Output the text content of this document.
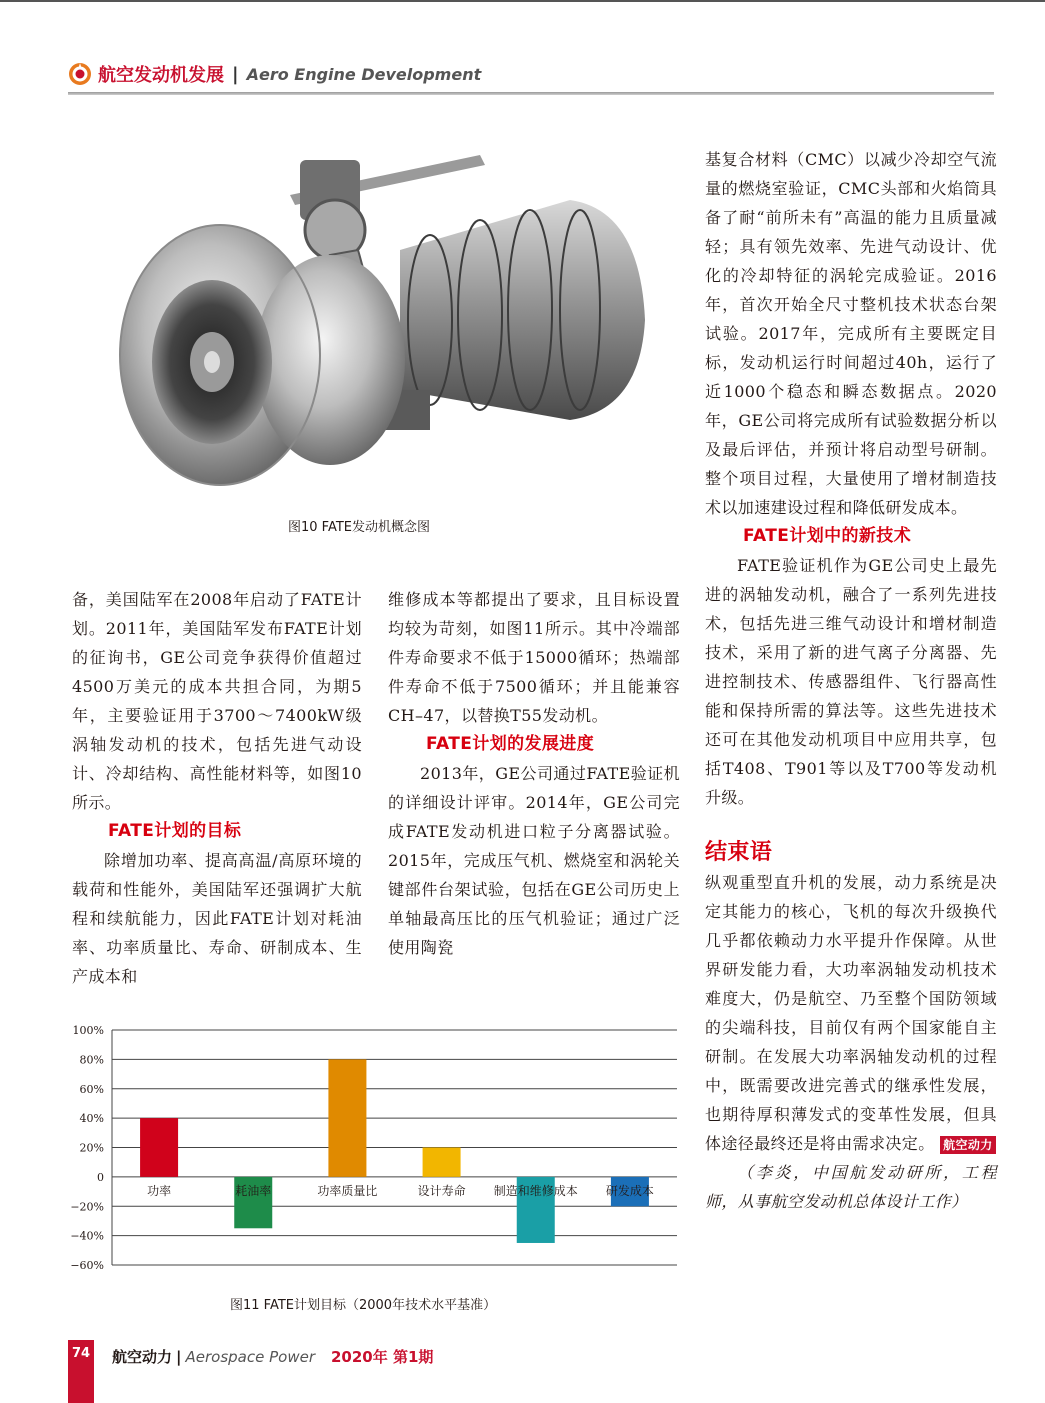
航空发动机发展 | Aero Engine Development
图10 FATE发动机概念图

备，美国陆军在2008年启动了FATE计划。2011年，美国陆军发布FATE计划的征询书，GE公司竞争获得价值超过4500万美元的成本共担合同，为期5年，主要验证用于3700～7400kW级涡轴发动机的技术，包括先进气动设计、冷却结构、高性能材料等，如图10所示。

FATE计划的目标

除增加功率、提高高温/高原环境的载荷和性能外，美国陆军还强调扩大航程和续航能力，因此FATE计划对耗油率、功率质量比、寿命、研制成本、生产成本和

维修成本等都提出了要求，且目标设置均较为苛刻，如图11所示。其中冷端部件寿命要求不低于15000循环；热端部件寿命不低于7500循环；并且能兼容CH–47，以替换T55发动机。

FATE计划的发展进度

2013年，GE公司通过FATE验证机的详细设计评审。2014年，GE公司完成FATE发动机进口粒子分离器试验。2015年，完成压气机、燃烧室和涡轮关键部件台架试验，包括在GE公司历史上单轴最高压比的压气机验证；通过广泛使用陶瓷

基复合材料（CMC）以减少冷却空气流量的燃烧室验证，CMC头部和火焰筒具备了耐“前所未有”高温的能力且质量减轻；具有领先效率、先进气动设计、优化的冷却特征的涡轮完成验证。2016年，首次开始全尺寸整机技术状态台架试验。2017年，完成所有主要既定目标，发动机运行时间超过40h，运行了近1000个稳态和瞬态数据点。2020年，GE公司将完成所有试验数据分析以及最后评估，并预计将启动型号研制。整个项目过程，大量使用了增材制造技术以加速建设过程和降低研发成本。

FATE计划中的新技术

FATE验证机作为GE公司史上最先进的涡轴发动机，融合了一系列先进技术，包括先进三维气动设计和增材制造技术，采用了新的进气离子分离器、先进控制技术、传感器组件、飞行器高性能和保持所需的算法等。这些先进技术还可在其他发动机项目中应用共享，包括T408、T901等以及T700等发动机升级。

结束语

纵观重型直升机的发展，动力系统是决定其能力的核心，飞机的每次升级换代几乎都依赖动力水平提升作保障。从世界研发能力看，大功率涡轴发动机技术难度大，仍是航空、乃至整个国防领域的尖端科技，目前仅有两个国家能自主研制。在发展大功率涡轴发动机的过程中，既需要改进完善式的继承性发展，也期待厚积薄发式的变革性发展，但具体途径最终还是将由需求决定。 航空动力

（李炎，中国航发动研所，工程师，从事航空发动机总体设计工作）

100%
80%
60%
40%
20%
0
−20%
−40%
−60%
功率	耗油率	功率质量比	设计寿命 制造和维修成本 研发成本
图11 FATE计划目标（2000年技术水平基准）
74 航空动力 | Aerospace Power 2020年 第1期
